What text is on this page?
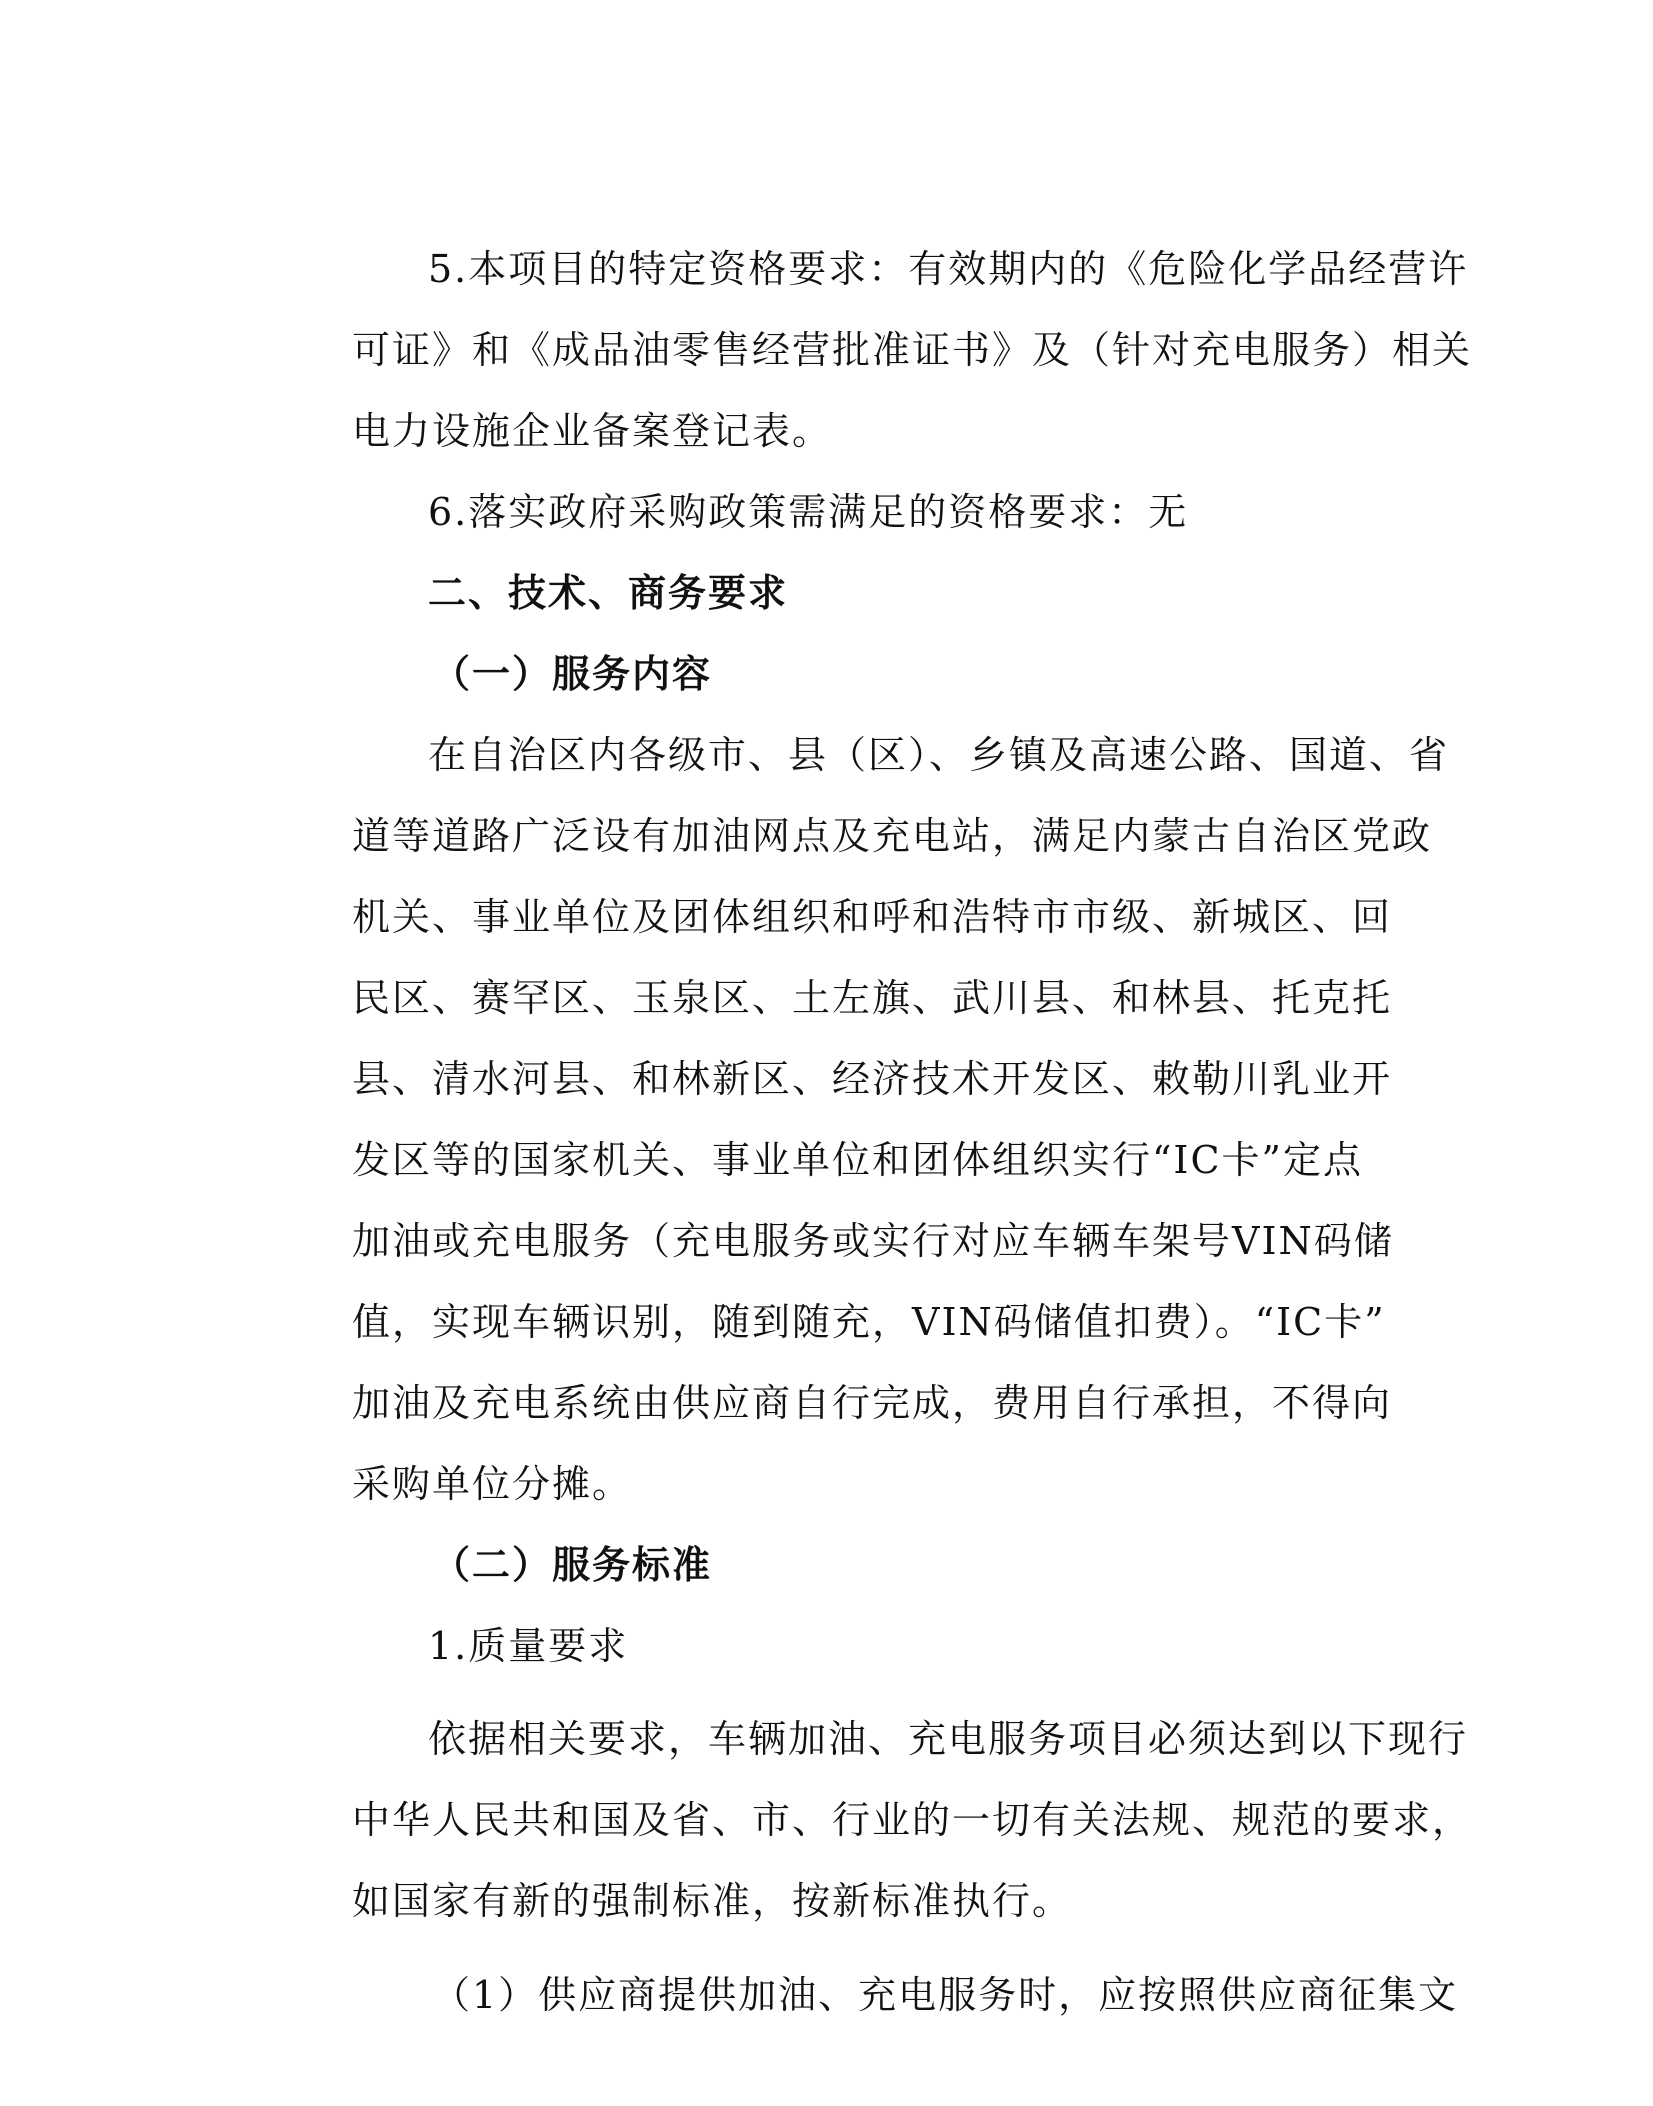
5.本项目的特定资格要求：有效期内的《危险化学品经营许
可证》和《成品油零售经营批准证书》及（针对充电服务）相关
电力设施企业备案登记表。
6.落实政府采购政策需满足的资格要求：无
二、技术、商务要求
（一）服务内容
在自治区内各级市、县（区）、乡镇及高速公路、国道、省
道等道路广泛设有加油网点及充电站，满足内蒙古自治区党政
机关、事业单位及团体组织和呼和浩特市市级、新城区、回
民区、赛罕区、玉泉区、土左旗、武川县、和林县、托克托
县、清水河县、和林新区、经济技术开发区、敕勒川乳业开
发区等的国家机关、事业单位和团体组织实行“IC卡”定点
加油或充电服务（充电服务或实行对应车辆车架号VIN码储
值，实现车辆识别，随到随充，VIN码储值扣费）。“IC卡”
加油及充电系统由供应商自行完成，费用自行承担，不得向
采购单位分摊。
（二）服务标准
1.质量要求
依据相关要求，车辆加油、充电服务项目必须达到以下现行
中华人民共和国及省、市、行业的一切有关法规、规范的要求，
如国家有新的强制标准，按新标准执行。
（1）供应商提供加油、充电服务时，应按照供应商征集文
